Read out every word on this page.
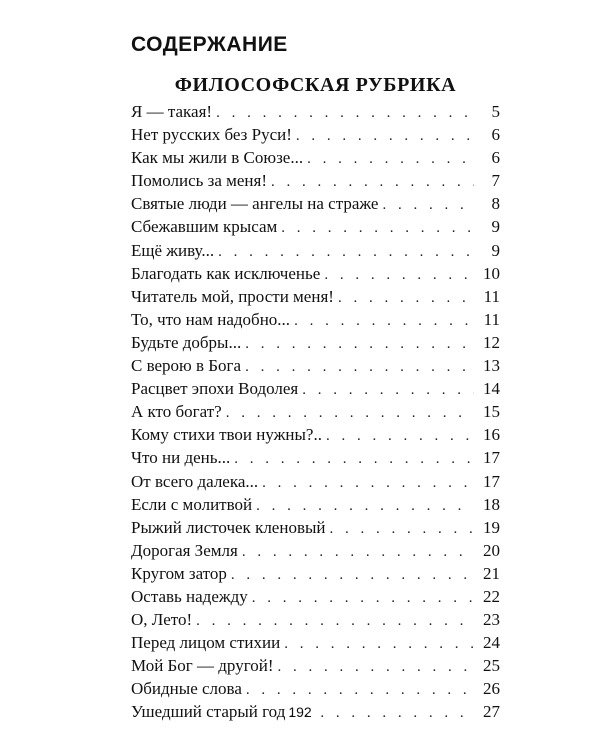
СОДЕРЖАНИЕ
ФИЛОСОФСКАЯ РУБРИКА
Я — такая! . . .	5
Нет русских без Руси! . . .	6
Как мы жили в Союзе... . . .	6
Помолись за меня! . . .	7
Святые люди — ангелы на страже . . .	8
Сбежавшим крысам . . .	9
Ещё живу... . . .	9
Благодать как исключенье . . .	10
Читатель мой, прости меня! . . .	11
То, что нам надобно... . . .	11
Будьте добры... . . .	12
С верою в Бога . . .	13
Расцвет эпохи Водолея . . .	14
А кто богат? . . .	15
Кому стихи твои нужны?.. . . .	16
Что ни день... . . .	17
От всего далека... . . .	17
Если с молитвой . . .	18
Рыжий листочек кленовый . . .	19
Дорогая Земля . . .	20
Кругом затор . . .	21
Оставь надежду . . .	22
О, Лето! . . .	23
Перед лицом стихии . . .	24
Мой Бог — другой! . . .	25
Обидные слова . . .	26
Ушедший старый год . . .	27
192
